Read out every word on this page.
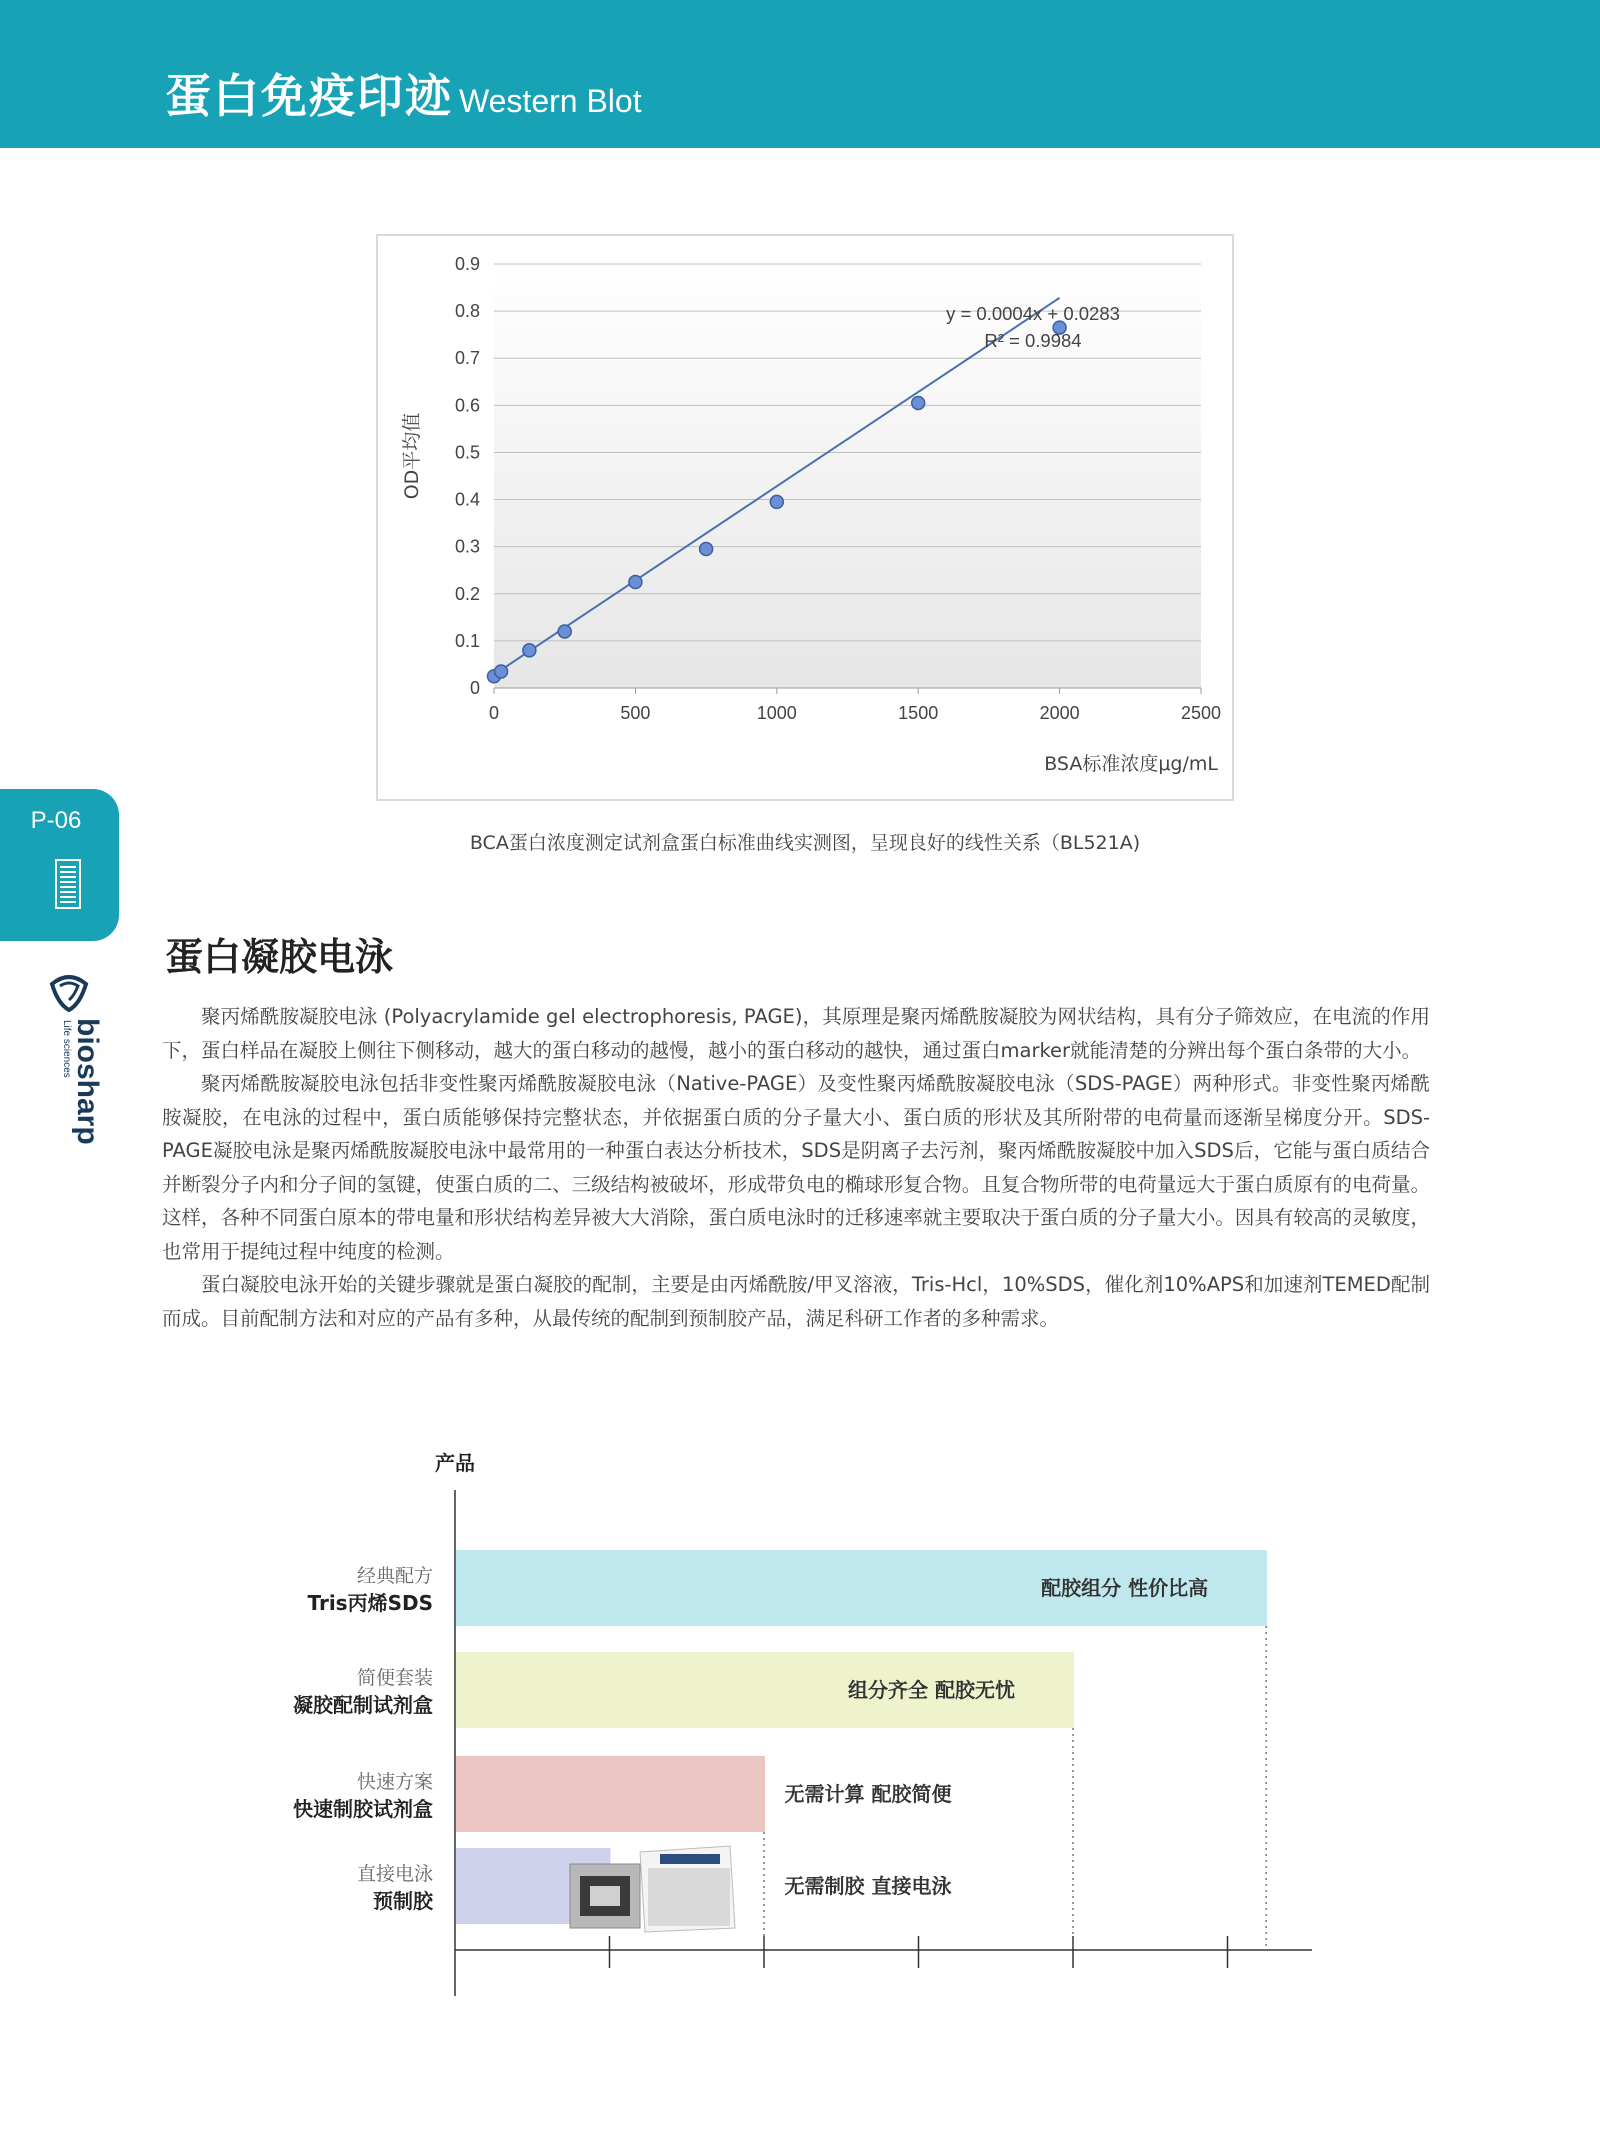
蛋白免疫印迹 Western Blot
P-06
biosharp
Life sciences
0
0.1
0.2
0.3
0.4
0.5
0.6
0.7
0.8
0.9
0	500	1000	1500	2000	2500
OD平均值
BSA标准浓度μg/mL
y = 0.0004x + 0.0283
R² = 0.9984
BCA蛋白浓度测定试剂盒蛋白标准曲线实测图，呈现良好的线性关系（BL521A)
蛋白凝胶电泳

聚丙烯酰胺凝胶电泳 (Polyacrylamide gel electrophoresis, PAGE)，其原理是聚丙烯酰胺凝胶为网状结构，具有分子筛效应，在电流的作用下，蛋白样品在凝胶上侧往下侧移动，越大的蛋白移动的越慢，越小的蛋白移动的越快，通过蛋白marker就能清楚的分辨出每个蛋白条带的大小。

聚丙烯酰胺凝胶电泳包括非变性聚丙烯酰胺凝胶电泳（Native-PAGE）及变性聚丙烯酰胺凝胶电泳（SDS-PAGE）两种形式。非变性聚丙烯酰胺凝胶，在电泳的过程中，蛋白质能够保持完整状态，并依据蛋白质的分子量大小、蛋白质的形状及其所附带的电荷量而逐渐呈梯度分开。SDS-PAGE凝胶电泳是聚丙烯酰胺凝胶电泳中最常用的一种蛋白表达分析技术，SDS是阴离子去污剂，聚丙烯酰胺凝胶中加入SDS后，它能与蛋白质结合并断裂分子内和分子间的氢键，使蛋白质的二、三级结构被破坏，形成带负电的椭球形复合物。且复合物所带的电荷量远大于蛋白质原有的电荷量。这样，各种不同蛋白原本的带电量和形状结构差异被大大消除，蛋白质电泳时的迁移速率就主要取决于蛋白质的分子量大小。因具有较高的灵敏度，也常用于提纯过程中纯度的检测。

蛋白凝胶电泳开始的关键步骤就是蛋白凝胶的配制，主要是由丙烯酰胺/甲叉溶液，Tris-Hcl，10%SDS，催化剂10%APS和加速剂TEMED配制而成。目前配制方法和对应的产品有多种，从最传统的配制到预制胶产品，满足科研工作者的多种需求。

产品
配胶组分 性价比高
经典配方
Tris丙烯SDS
组分齐全 配胶无忧
简便套装
凝胶配制试剂盒
无需计算 配胶简便
快速方案
快速制胶试剂盒
无需制胶 直接电泳
直接电泳
预制胶
